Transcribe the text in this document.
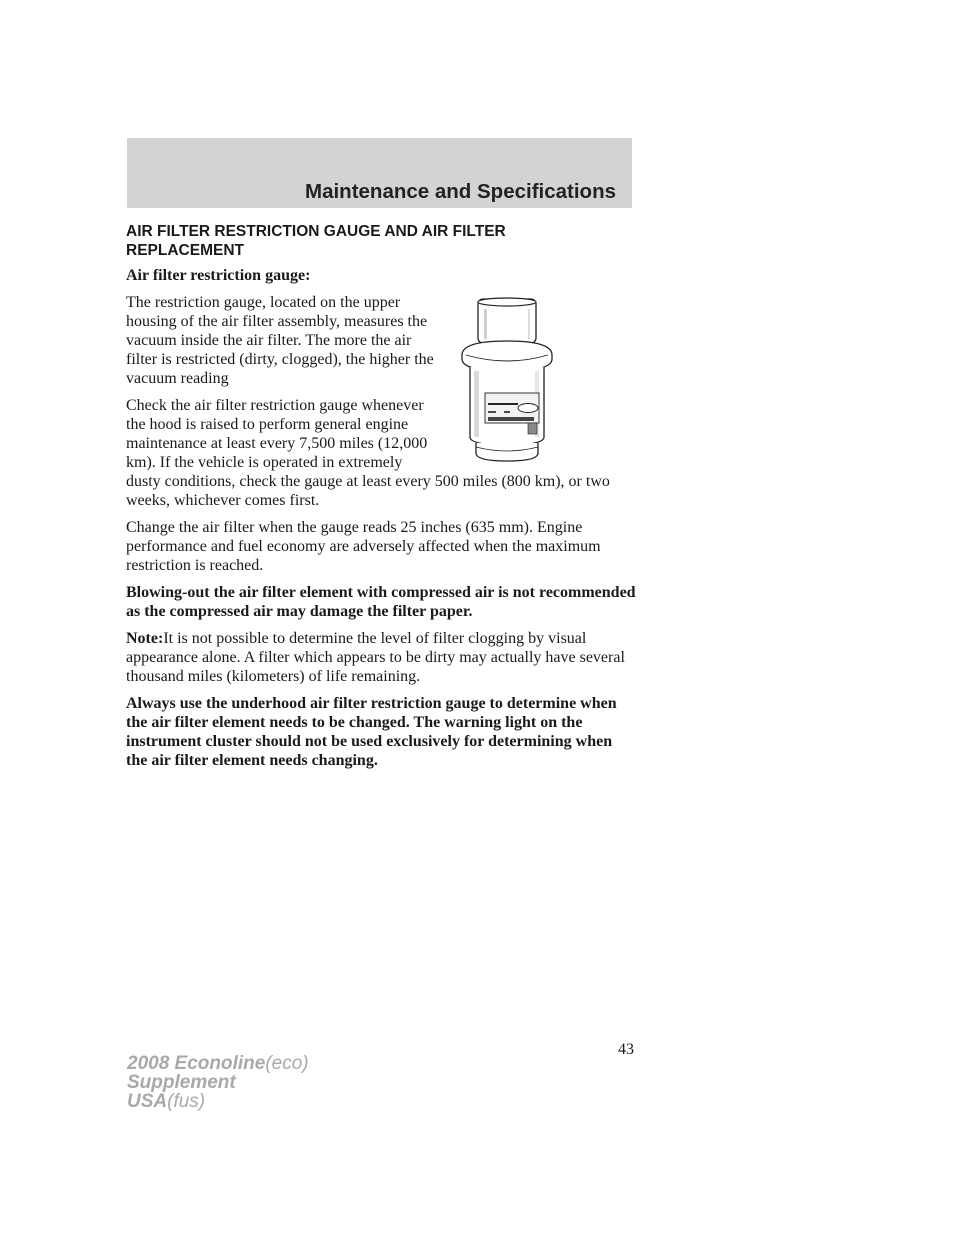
Maintenance and Specifications
AIR FILTER RESTRICTION GAUGE AND AIR FILTER
REPLACEMENT

Air filter restriction gauge:

The restriction gauge, located on the upper housing of the air filter assembly, measures the vacuum inside the air filter. The more the air filter is restricted (dirty, clogged), the higher the vacuum reading

Check the air filter restriction gauge whenever the hood is raised to perform general engine maintenance at least every 7,500 miles (12,000 km). If the vehicle is operated in extremely dusty conditions, check the gauge at least every 500 miles (800 km), or two weeks, whichever comes first.

Change the air filter when the gauge reads 25 inches (635 mm). Engine performance and fuel economy are adversely affected when the maximum restriction is reached.

Blowing-out the air filter element with compressed air is not recommended as the compressed air may damage the filter paper.

Note:It is not possible to determine the level of filter clogging by visual appearance alone. A filter which appears to be dirty may actually have several thousand miles (kilometers) of life remaining.

Always use the underhood air filter restriction gauge to determine when the air filter element needs to be changed. The warning light on the instrument cluster should not be used exclusively for determining when the air filter element needs changing.

43
2008 Econoline(eco)
Supplement
USA(fus)
